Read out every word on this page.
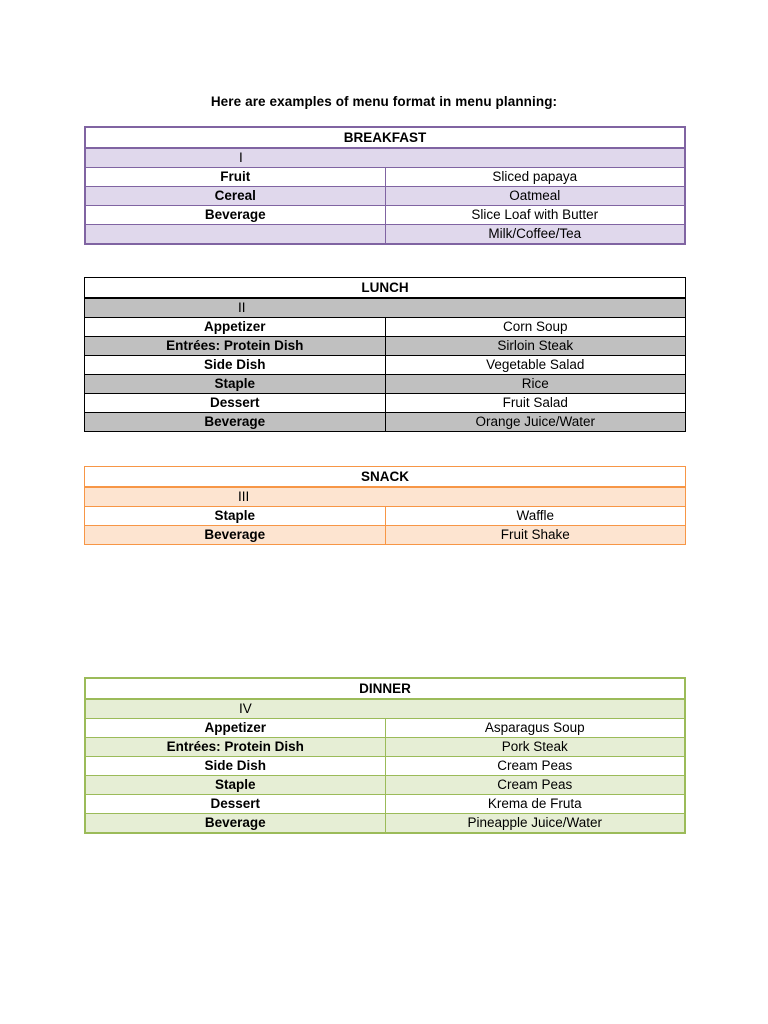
Here are examples of menu format in menu planning:
BREAKFAST	
I	
Fruit	Sliced papaya
Cereal	Oatmeal
Beverage	Slice Loaf with Butter
	Milk/Coffee/Tea
LUNCH	
II	
Appetizer	Corn Soup
Entrées: Protein Dish	Sirloin Steak
Side Dish	Vegetable Salad
Staple	Rice
Dessert	Fruit Salad
Beverage	Orange Juice/Water
SNACK	
III	
Staple	Waffle
Beverage	Fruit Shake
DINNER	
IV	
Appetizer	Asparagus Soup
Entrées: Protein Dish	Pork Steak
Side Dish	Cream Peas
Staple	Cream Peas
Dessert	Krema de Fruta
Beverage	Pineapple Juice/Water
